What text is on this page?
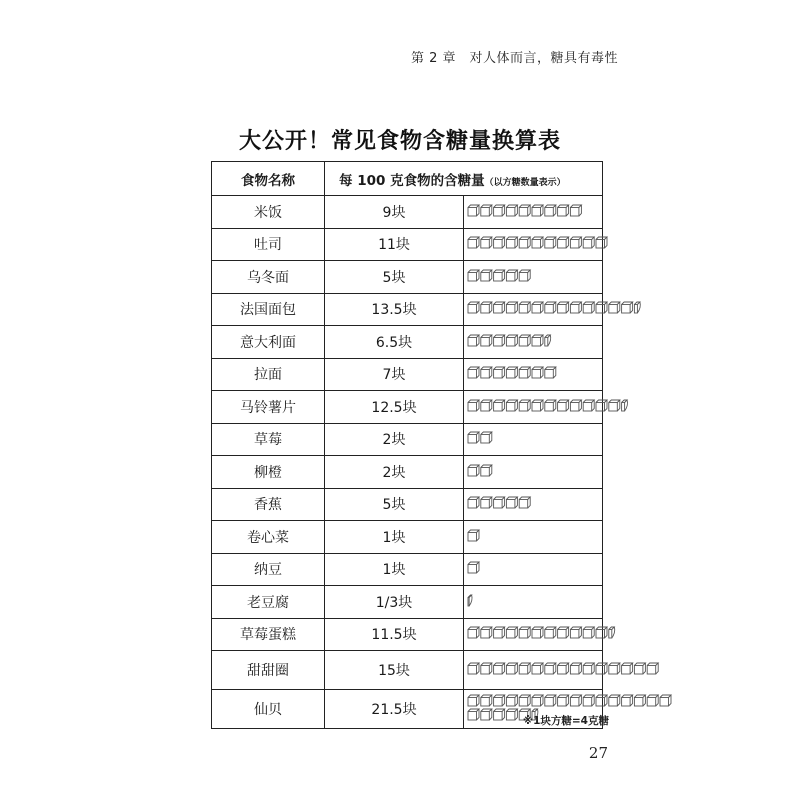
第 2 章　对人体而言，糖具有毒性
大公开！常见食物含糖量换算表
食物名称	每 100 克食物的含糖量（以方糖数量表示）	
米饭	9块	

吐司	11块	

乌冬面	5块	

法国面包	13.5块	

意大利面	6.5块	

拉面	7块	

马铃薯片	12.5块	

草莓	2块	

柳橙	2块	

香蕉	5块	

卷心菜	1块	

纳豆	1块	

老豆腐	1/3块	

草莓蛋糕	11.5块	

甜甜圈	15块	

仙贝	21.5块	
※1块方糖=4克糖
27
